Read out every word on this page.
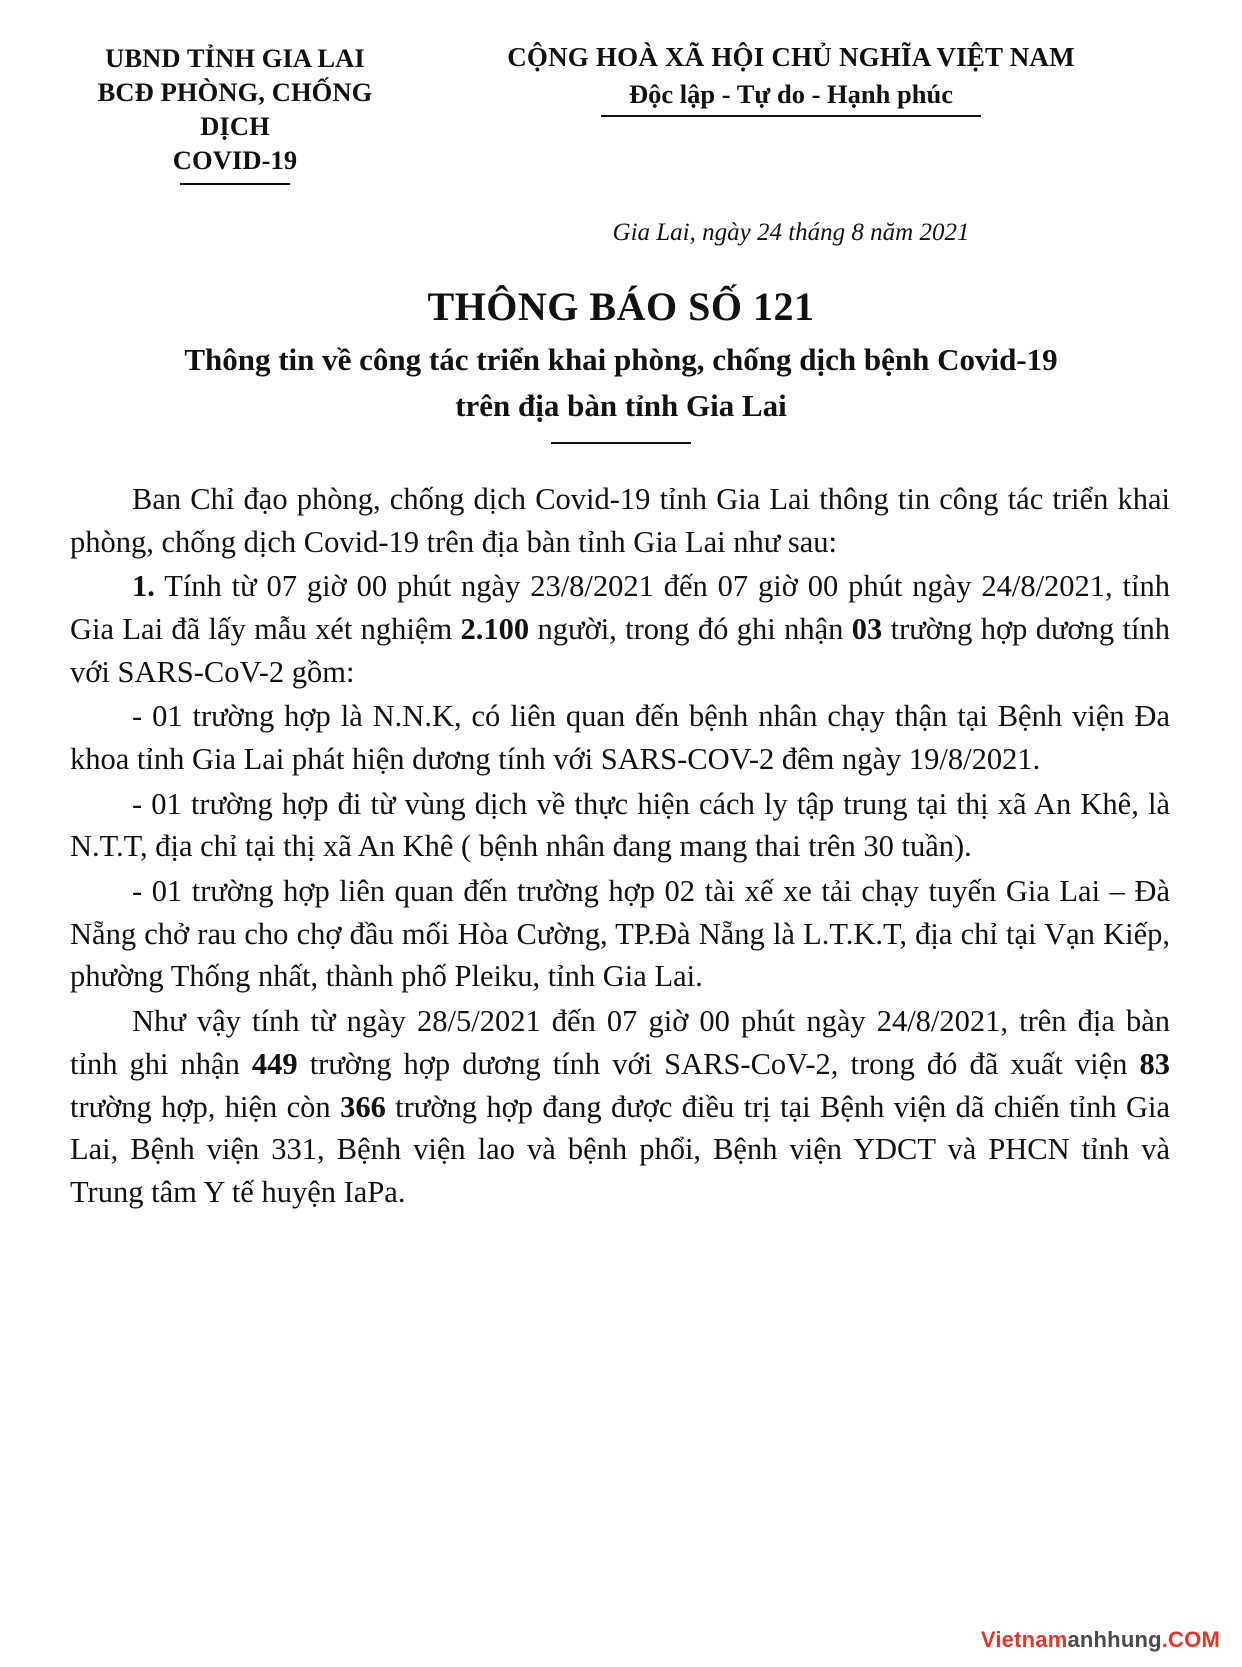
UBND TỈNH GIA LAI
BCĐ PHÒNG, CHỐNG DỊCH
COVID-19
CỘNG HOÀ XÃ HỘI CHỦ NGHĨA VIỆT NAM
Độc lập - Tự do - Hạnh phúc
Gia Lai, ngày 24 tháng 8 năm 2021
THÔNG BÁO SỐ 121
Thông tin về công tác triển khai phòng, chống dịch bệnh Covid-19
trên địa bàn tỉnh Gia Lai
Ban Chỉ đạo phòng, chống dịch Covid-19 tỉnh Gia Lai thông tin công tác triển khai phòng, chống dịch Covid-19 trên địa bàn tỉnh Gia Lai như sau:
1. Tính từ 07 giờ 00 phút ngày 23/8/2021 đến 07 giờ 00 phút ngày 24/8/2021, tỉnh Gia Lai đã lấy mẫu xét nghiệm 2.100 người, trong đó ghi nhận 03 trường hợp dương tính với SARS-CoV-2 gồm:
- 01 trường hợp là N.N.K, có liên quan đến bệnh nhân chạy thận tại Bệnh viện Đa khoa tỉnh Gia Lai phát hiện dương tính với SARS-COV-2 đêm ngày 19/8/2021.
- 01 trường hợp đi từ vùng dịch về thực hiện cách ly tập trung tại thị xã An Khê, là N.T.T, địa chỉ tại thị xã An Khê ( bệnh nhân đang mang thai trên 30 tuần).
- 01 trường hợp liên quan đến trường hợp 02 tài xế xe tải chạy tuyến Gia Lai – Đà Nẵng chở rau cho chợ đầu mối Hòa Cường, TP.Đà Nẵng là L.T.K.T, địa chỉ tại Vạn Kiếp, phường Thống nhất, thành phố Pleiku, tỉnh Gia Lai.
Như vậy tính từ ngày 28/5/2021 đến 07 giờ 00 phút ngày 24/8/2021, trên địa bàn tỉnh ghi nhận 449 trường hợp dương tính với SARS-CoV-2, trong đó đã xuất viện 83 trường hợp, hiện còn 366 trường hợp đang được điều trị tại Bệnh viện dã chiến tỉnh Gia Lai, Bệnh viện 331, Bệnh viện lao và bệnh phổi, Bệnh viện YDCT và PHCN tỉnh và Trung tâm Y tế huyện IaPa.
Vietnamanhhung.COM
